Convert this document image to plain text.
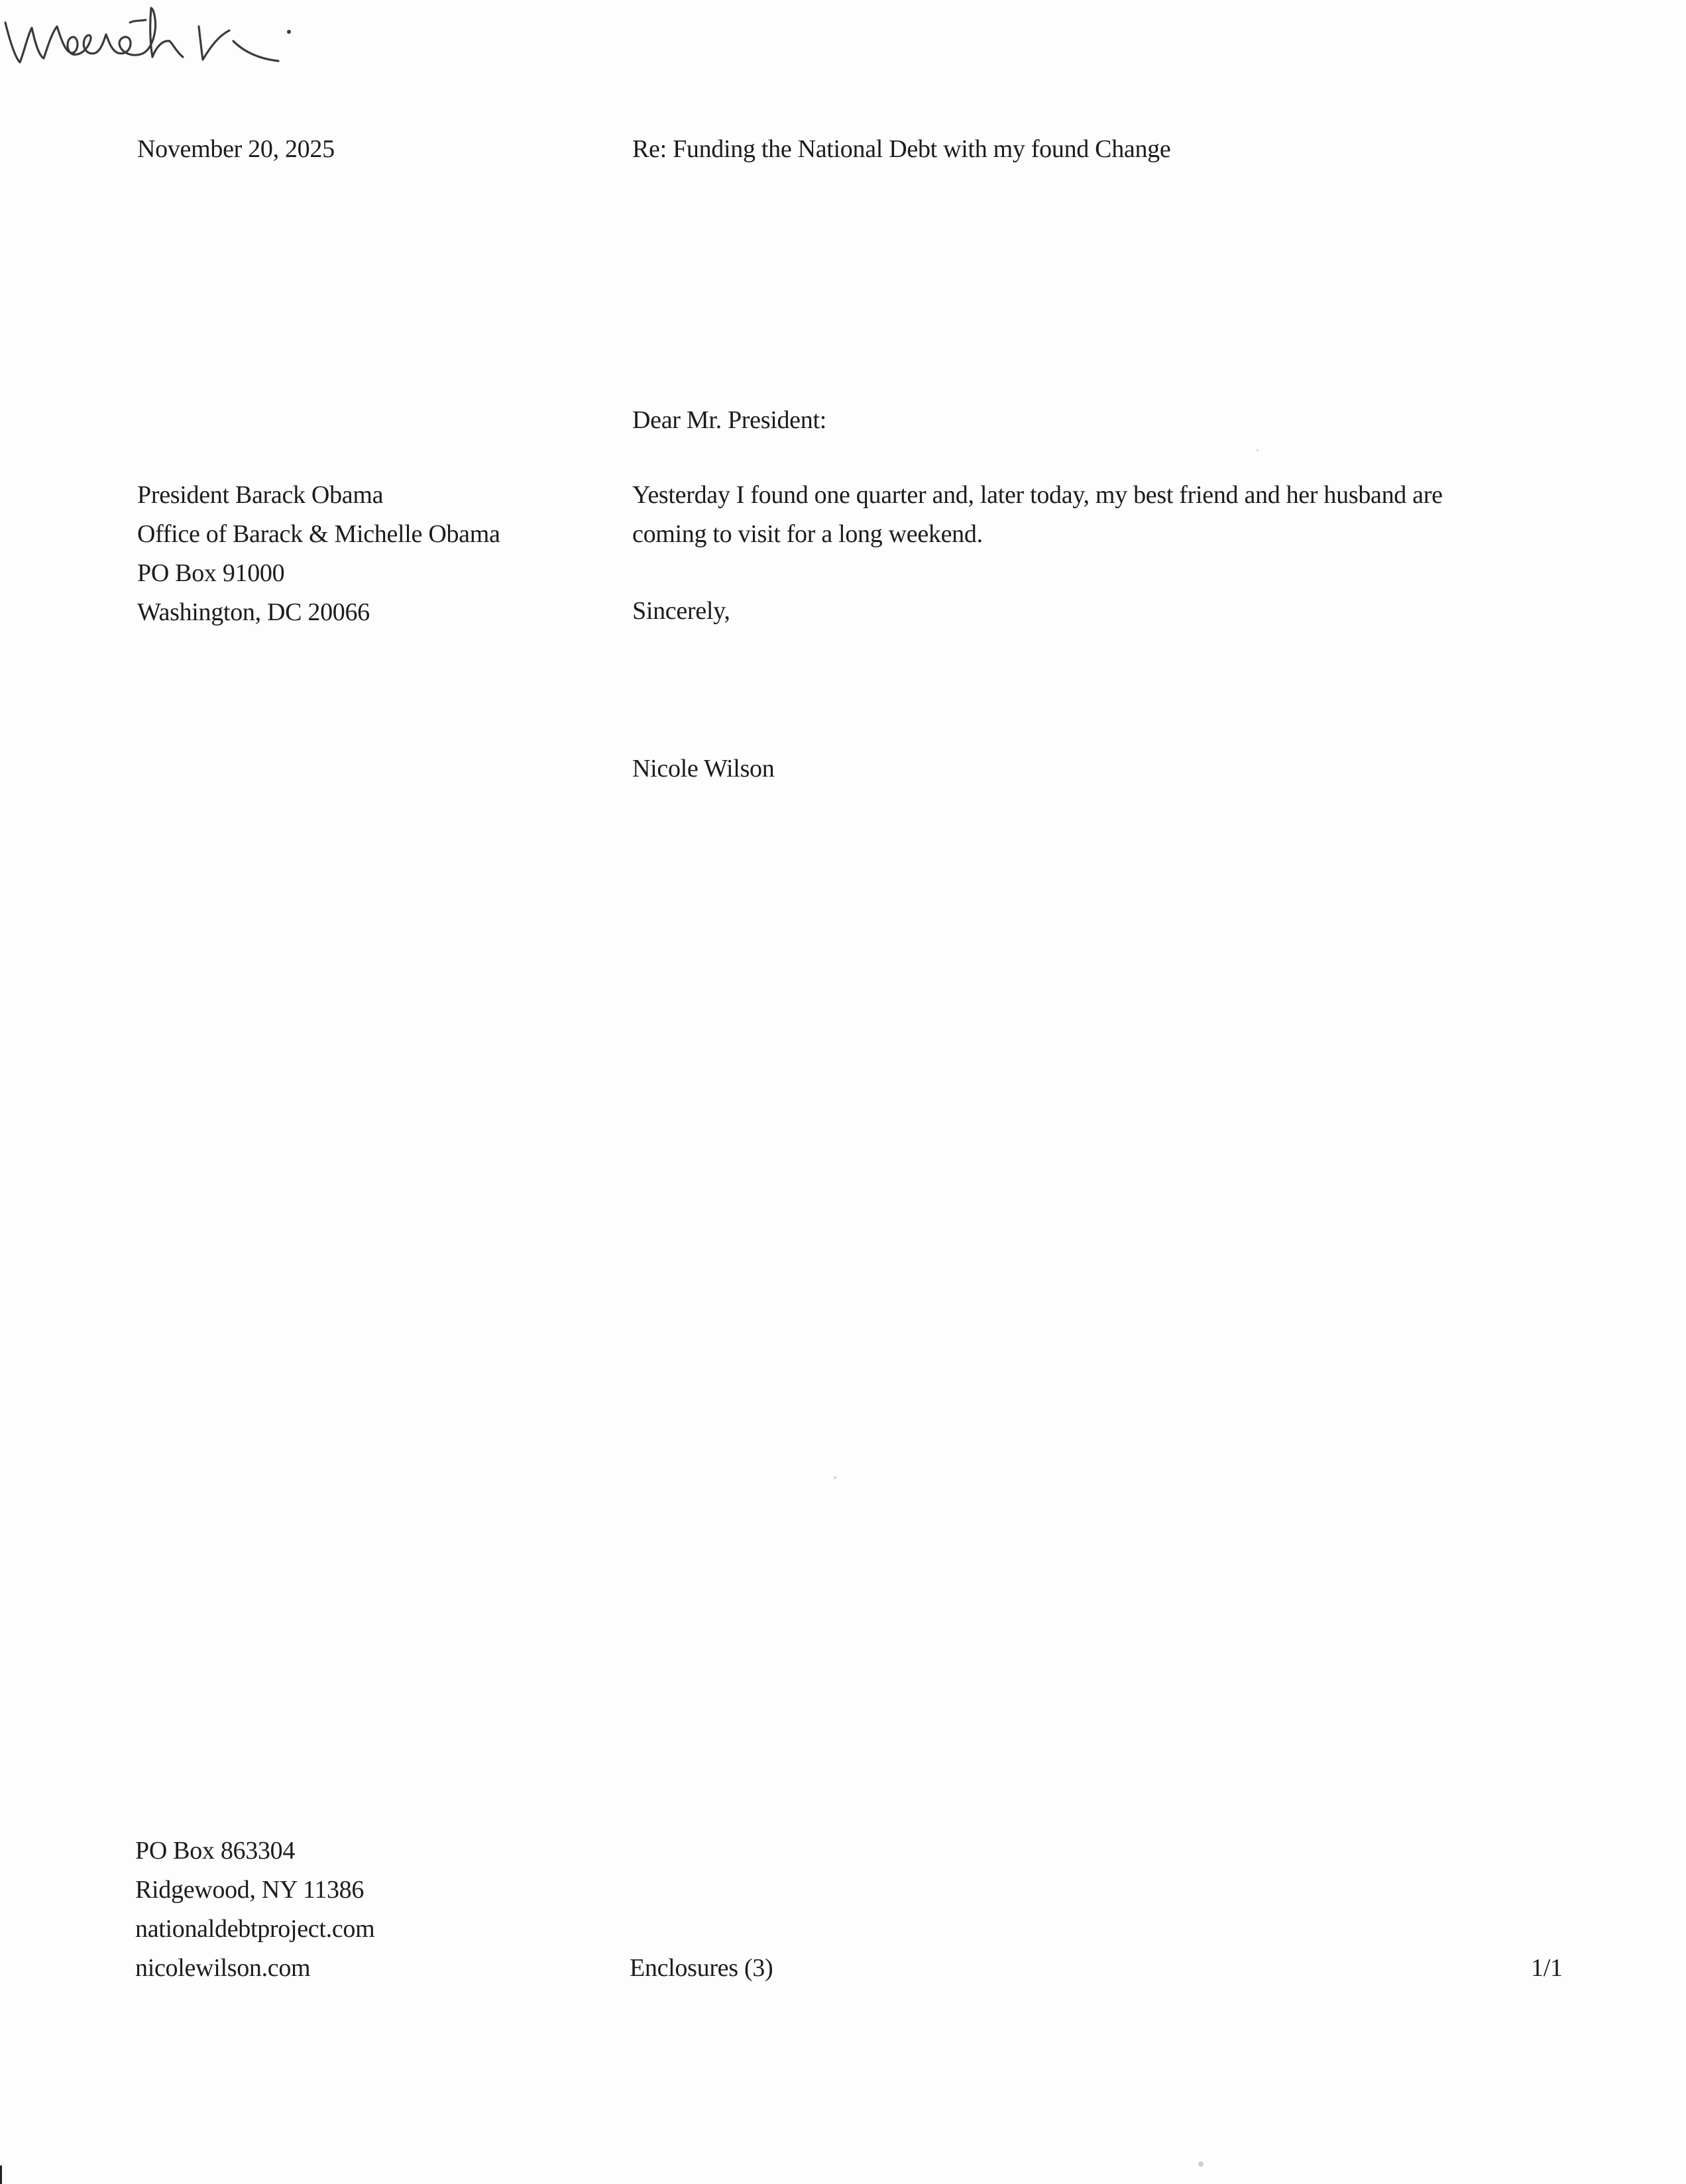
November 20, 2025	Re: Funding the National Debt with my found Change
Dear Mr. President:
President Barack Obama
Office of Barack & Michelle Obama
PO Box 91000
Washington, DC 20066
Yesterday I found one quarter and, later today, my best friend and her husband are
coming to visit for a long weekend.
Sincerely,
Nicole Wilson
PO Box 863304
Ridgewood, NY 11386
nationaldebtproject.com
nicolewilson.com	Enclosures (3)	1/1
